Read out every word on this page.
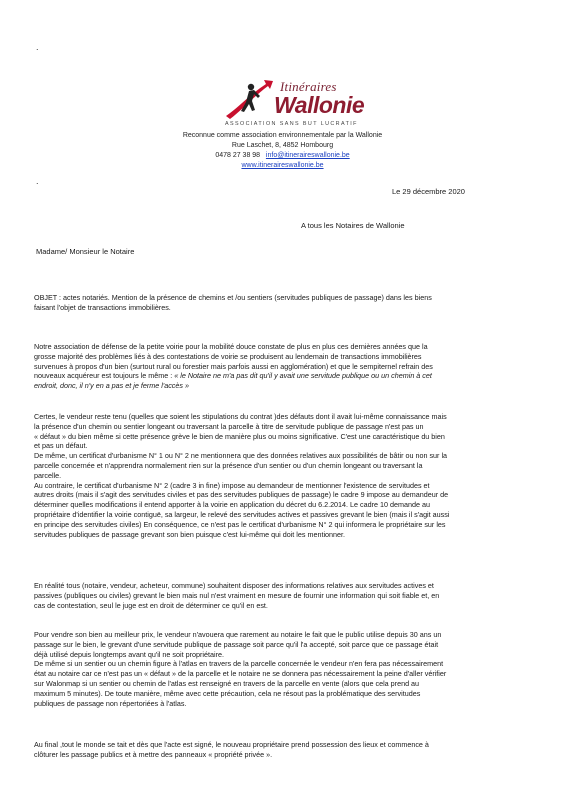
.
Itinéraires
Wallonie
ASSOCIATION SANS BUT LUCRATIF
Reconnue comme association environnementale par la Wallonie
Rue Laschet, 8, 4852 Hombourg
0478 27 38 98 info@itineraireswallonie.be
www.itineraireswallonie.be
.
Le 29 décembre 2020
A tous les Notaires de Wallonie
Madame/ Monsieur le Notaire

OBJET : actes notariés. Mention de la présence de chemins et /ou sentiers (servitudes publiques de passage) dans les biens

faisant l'objet de transactions immobilières.

Notre association de défense de la petite voirie pour la mobilité douce constate de plus en plus ces dernières années que la

grosse majorité des problèmes liés à des contestations de voirie se produisent au lendemain de transactions immobilières

survenues à propos d'un bien (surtout rural ou forestier mais parfois aussi en agglomération) et que le sempiternel refrain des

nouveaux acquéreur est toujours le même : « le Notaire ne m'a pas dit qu'il y avait une servitude publique ou un chemin à cet

endroit, donc, il n'y en a pas et je ferme l'accès »

Certes, le vendeur reste tenu (quelles que soient les stipulations du contrat )des défauts dont il avait lui-même connaissance mais

la présence d'un chemin ou sentier longeant ou traversant la parcelle à titre de servitude publique de passage n'est pas un

« défaut » du bien même si cette présence grève le bien de manière plus ou moins significative. C'est une caractéristique du bien

et pas un défaut.

De même, un certificat d'urbanisme N° 1 ou N° 2 ne mentionnera que des données relatives aux possibilités de bâtir ou non sur la

parcelle concernée et n'apprendra normalement rien sur la présence d'un sentier ou d'un chemin longeant ou traversant la

parcelle.

Au contraire, le certificat d'urbanisme N° 2 (cadre 3 in fine) impose au demandeur de mentionner l'existence de servitudes et

autres droits (mais il s'agit des servitudes civiles et pas des servitudes publiques de passage) le cadre 9 impose au demandeur de

déterminer quelles modifications il entend apporter à la voirie en application du décret du 6.2.2014. Le cadre 10 demande au

propriétaire d'identifier la voirie contiguë, sa largeur, le relevé des servitudes actives et passives grevant le bien (mais il s'agit aussi

en principe des servitudes civiles) En conséquence, ce n'est pas le certificat d'urbanisme N° 2 qui informera le propriétaire sur les

servitudes publiques de passage grevant son bien puisque c'est lui-même qui doit les mentionner.

En réalité tous (notaire, vendeur, acheteur, commune) souhaitent disposer des informations relatives aux servitudes actives et

passives (publiques ou civiles) grevant le bien mais nul n'est vraiment en mesure de fournir une information qui soit fiable et, en

cas de contestation, seul le juge est en droit de déterminer ce qu'il en est.

Pour vendre son bien au meilleur prix, le vendeur n'avouera que rarement au notaire le fait que le public utilise depuis 30 ans un

passage sur le bien, le grevant d'une servitude publique de passage soit parce qu'il l'a accepté, soit parce que ce passage était

déjà utilisé depuis longtemps avant qu'il ne soit propriétaire.

De même si un sentier ou un chemin figure à l'atlas en travers de la parcelle concernée le vendeur n'en fera pas nécessairement

état au notaire car ce n'est pas un « défaut » de la parcelle et le notaire ne se donnera pas nécessairement la peine d'aller vérifier

sur Walonmap si un sentier ou chemin de l'atlas est renseigné en travers de la parcelle en vente (alors que cela prend au

maximum 5 minutes). De toute manière, même avec cette précaution, cela ne résout pas la problématique des servitudes

publiques de passage non répertoriées à l'atlas.

Au final ,tout le monde se tait et dès que l'acte est signé, le nouveau propriétaire prend possession des lieux et commence à

clôturer les passage publics et à mettre des panneaux « propriété privée ».
